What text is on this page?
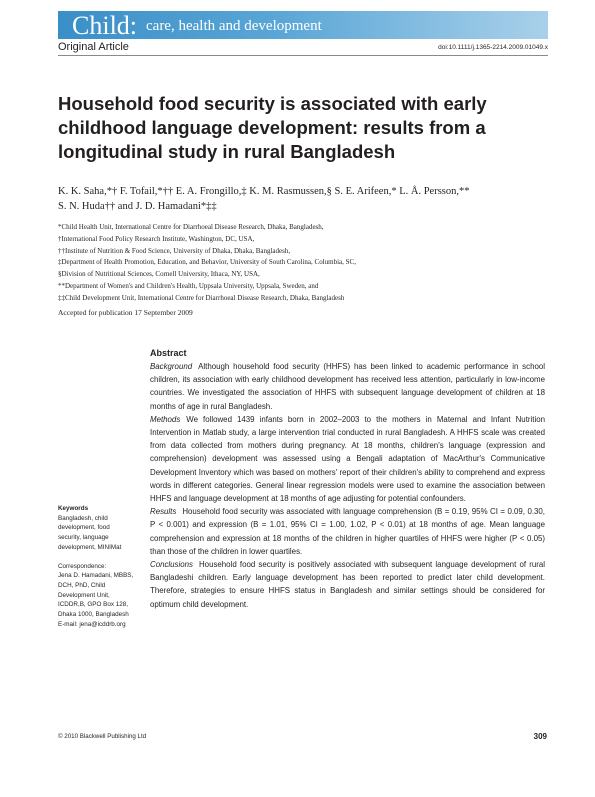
Child: care, health and development
Original Article	doi:10.1111/j.1365-2214.2009.01049.x
Household food security is associated with early
childhood language development: results from a
longitudinal study in rural Bangladesh
K. K. Saha,*† F. Tofail,*†† E. A. Frongillo,‡ K. M. Rasmussen,§ S. E. Arifeen,* L. Å. Persson,**
S. N. Huda†† and J. D. Hamadani*‡‡
*Child Health Unit, International Centre for Diarrhoeal Disease Research, Dhaka, Bangladesh,
†International Food Policy Research Institute, Washington, DC, USA,
††Institute of Nutrition & Food Science, University of Dhaka, Dhaka, Bangladesh,
‡Department of Health Promotion, Education, and Behavior, University of South Carolina, Columbia, SC,
§Division of Nutritional Sciences, Cornell University, Ithaca, NY, USA,
**Department of Women's and Children's Health, Uppsala University, Uppsala, Sweden, and
‡‡Child Development Unit, International Centre for Diarrhoeal Disease Research, Dhaka, Bangladesh
Accepted for publication 17 September 2009
Abstract

Background Although household food security (HHFS) has been linked to academic performance in school children, its association with early childhood development has received less attention, particularly in low-income countries. We investigated the association of HHFS with subsequent language development of children at 18 months of age in rural Bangladesh.

Methods We followed 1439 infants born in 2002–2003 to the mothers in Maternal and Infant Nutrition Intervention in Matlab study, a large intervention trial conducted in rural Bangladesh. A HHFS scale was created from data collected from mothers during pregnancy. At 18 months, children's language (expression and comprehension) development was assessed using a Bengali adaptation of MacArthur's Communicative Development Inventory which was based on mothers' report of their children's ability to comprehend and express words in different categories. General linear regression models were used to examine the association between HHFS and language development at 18 months of age adjusting for potential confounders.

Results Household food security was associated with language comprehension (B = 0.19, 95% CI = 0.09, 0.30, P < 0.001) and expression (B = 1.01, 95% CI = 1.00, 1.02, P < 0.01) at 18 months of age. Mean language comprehension and expression at 18 months of the children in higher quartiles of HHFS were higher (P < 0.05) than those of the children in lower quartiles.

Conclusions Household food security is positively associated with subsequent language development of rural Bangladeshi children. Early language development has been reported to predict later child development. Therefore, strategies to ensure HHFS status in Bangladesh and similar settings should be considered for optimum child development.

Keywords
Bangladesh, child
development, food
security, language
development, MINIMat
Correspondence:
Jena D. Hamadani, MBBS,
DCH, PhD, Child
Development Unit,
ICDDR,B, GPO Box 128,
Dhaka 1000, Bangladesh
E-mail: jena@icddrb.org
© 2010 Blackwell Publishing Ltd	309
